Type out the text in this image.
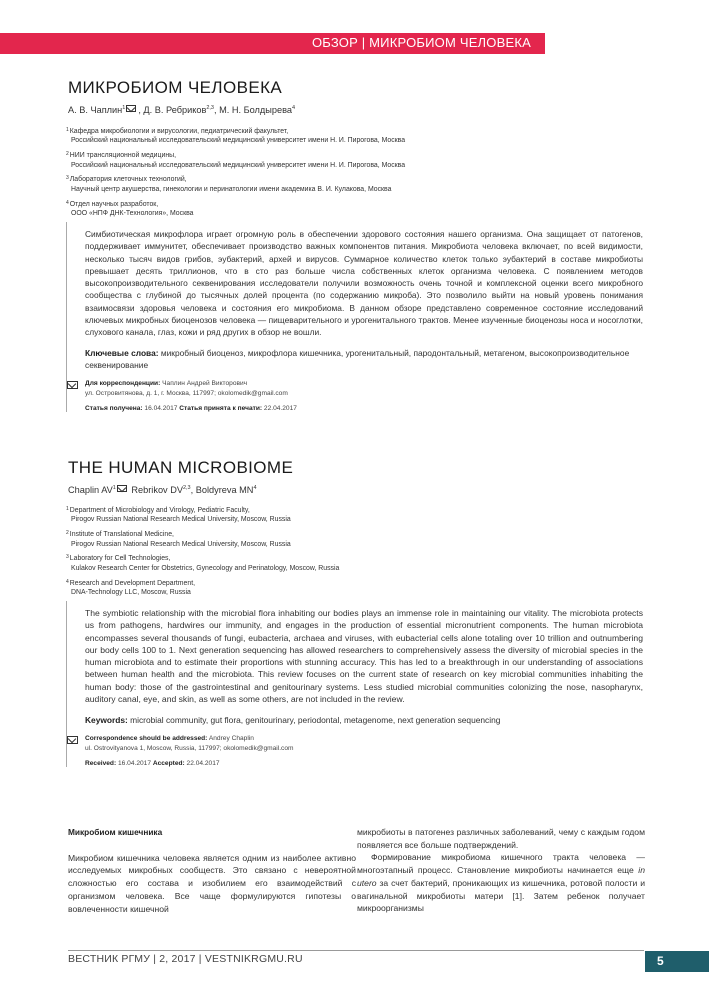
ОБЗОР | МИКРОБИОМ ЧЕЛОВЕКА
МИКРОБИОМ ЧЕЛОВЕКА
А. В. Чаплин$^1$ , Д. В. Ребриков$^{2,3}$, М. Н. Болдырева$^4$
$^1$Кафедра микробиологии и вирусологии, педиатрический факультет,
Российский национальный исследовательский медицинский университет имени Н. И. Пирогова, Москва
$^2$НИИ трансляционной медицины,
Российский национальный исследовательский медицинский университет имени Н. И. Пирогова, Москва
$^3$Лаборатория клеточных технологий,
Научный центр акушерства, гинекологии и перинатологии имени академика В. И. Кулакова, Москва
$^4$Отдел научных разработок,
ООО «НПФ ДНК-Технология», Москва

Симбиотическая микрофлора играет огромную роль в обеспечении здорового состояния нашего организма. Она защищает от патогенов, поддерживает иммунитет, обеспечивает производство важных компонентов питания. Микробиота человека включает, по всей видимости, несколько тысяч видов грибов, эубактерий, архей и вирусов. Суммарное количество клеток только эубактерий в составе микробиоты превышает десять триллионов, что в сто раз больше числа собственных клеток организма человека. С появлением методов высокопроизводительного секвенирования исследователи получили возможность очень точной и комплексной оценки всего микробного сообщества с глубиной до тысячных долей процента (по содержанию микроба). Это позволило выйти на новый уровень понимания взаимосвязи здоровья человека и состояния его микробиома. В данном обзоре представлено современное состояние исследований ключевых микробных биоценозов человека — пищеварительного и урогенитального трактов. Менее изученные биоценозы носа и носоглотки, слухового канала, глаз, кожи и ряд других в обзор не вошли.

Ключевые слова: микробный биоценоз, микрофлора кишечника, урогенитальный, пародонтальный, метагеном, высокопроизводительное секвенирование

Для корреспонденции: Чаплин Андрей Викторович
ул. Островитянова, д. 1, г. Москва, 117997; okolomedik@gmail.com
Статья получена: 16.04.2017 Статья принята к печати: 22.04.2017
THE HUMAN MICROBIOME
Chaplin $AV^1$ Rebrikov DV$^{2,3}$, Boldyreva $MN^4$
$^1$Department of Microbiology and Virology, Pediatric Faculty,
Pirogov Russian National Research Medical University, Moscow, Russia
$^2$Institute of Translational Medicine,
Pirogov Russian National Research Medical University, Moscow, Russia
$^3$Laboratory for Cell Technologies,
Kulakov Research Center for Obstetrics, Gynecology and Perinatology, Moscow, Russia
$^4$Research and Development Department,
DNA-Technology LLC, Moscow, Russia

The symbiotic relationship with the microbial flora inhabiting our bodies plays an immense role in maintaining our vitality. The microbiota protects us from pathogens, hardwires our immunity, and engages in the production of essential micronutrient components. The human microbiota encompasses several thousands of fungi, eubacteria, archaea and viruses, with eubacterial cells alone totaling over 10 trillion and outnumbering our body cells 100 to 1. Next generation sequencing has allowed researchers to comprehensively assess the diversity of microbial species in the human microbiota and to estimate their proportions with stunning accuracy. This has led to a breakthrough in our understanding of associations between human health and the microbiota. This review focuses on the current state of research on key microbial communities inhabiting the human body: those of the gastrointestinal and genitourinary systems. Less studied microbial communities colonizing the nose, nasopharynx, auditory canal, eye, and skin, as well as some others, are not included in the review.

Keywords: microbial community, gut flora, genitourinary, periodontal, metagenome, next generation sequencing

Correspondence should be addressed: Andrey Chaplin
ul. Ostrovityanova 1, Moscow, Russia, 117997; okolomedik@gmail.com
Received: 16.04.2017 Accepted: 22.04.2017
Микробиом кишечника

Микробиом кишечника человека является одним из наиболее активно исследуемых микробных сообществ. Это связано с невероятной сложностью его состава и изобилием его взаимодействий с организмом человека. Все чаще формулируются гипотезы о вовлеченности кишечной

микробиоты в патогенез различных заболеваний, чему с каждым годом появляется все больше подтверждений.

Формирование микробиома кишечного тракта человека — многоэтапный процесс. Становление микробиоты начинается еще in utero за счет бактерий, проникающих из кишечника, ротовой полости и вагинальной микробиоты матери [1]. Затем ребенок получает микроорганизмы

ВЕСТНИК РГМУ | 2, 2017 | VESTNIKRGMU.RU	5
